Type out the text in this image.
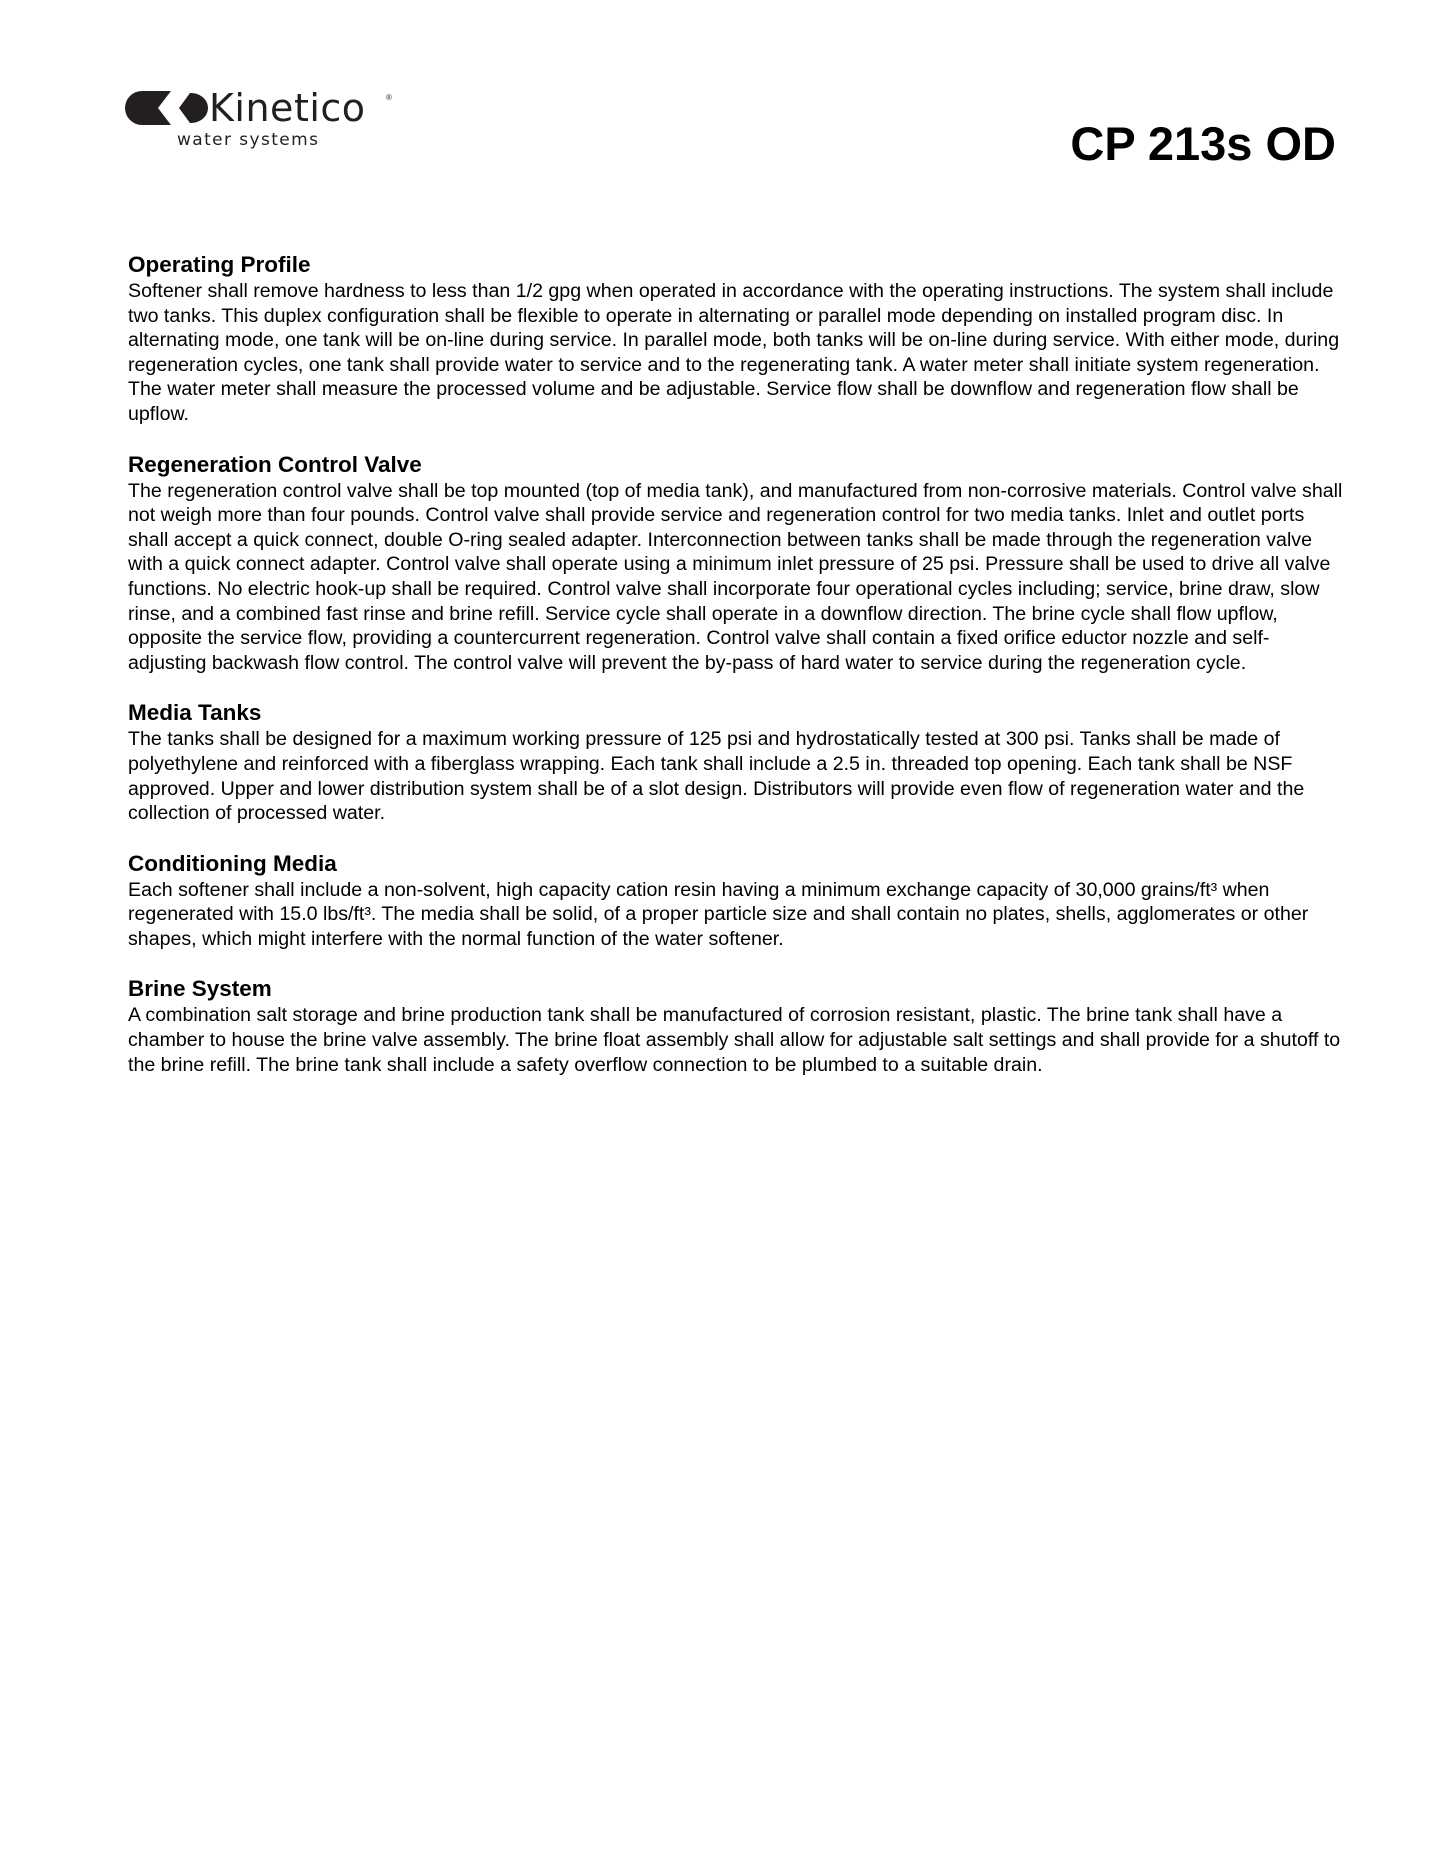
Kinetico	®
water systems	CP 213s OD
Operating Profile

Softener shall remove hardness to less than 1/2 gpg when operated in accordance with the operating instructions. The system shall include two tanks. This duplex configuration shall be flexible to operate in alternating or parallel mode depending on installed program disc. In alternating mode, one tank will be on-line during service. In parallel mode, both tanks will be on-line during service. With either mode, during regeneration cycles, one tank shall provide water to service and to the regenerating tank. A water meter shall initiate system regeneration. The water meter shall measure the processed volume and be adjustable. Service flow shall be downflow and regeneration flow shall be upflow.

Regeneration Control Valve

The regeneration control valve shall be top mounted (top of media tank), and manufactured from non-corrosive materials. Control valve shall not weigh more than four pounds. Control valve shall provide service and regeneration control for two media tanks. Inlet and outlet ports shall accept a quick connect, double O-ring sealed adapter. Interconnection between tanks shall be made through the regeneration valve with a quick connect adapter. Control valve shall operate using a minimum inlet pressure of 25 psi. Pressure shall be used to drive all valve functions. No electric hook-up shall be required. Control valve shall incorporate four operational cycles including; service, brine draw, slow rinse, and a combined fast rinse and brine refill. Service cycle shall operate in a downflow direction. The brine cycle shall flow upflow, opposite the service flow, providing a countercurrent regeneration. Control valve shall contain a fixed orifice eductor nozzle and self-adjusting backwash flow control. The control valve will prevent the by-pass of hard water to service during the regeneration cycle.

Media Tanks

The tanks shall be designed for a maximum working pressure of 125 psi and hydrostatically tested at 300 psi. Tanks shall be made of polyethylene and reinforced with a fiberglass wrapping. Each tank shall include a 2.5 in. threaded top opening. Each tank shall be NSF approved. Upper and lower distribution system shall be of a slot design. Distributors will provide even flow of regeneration water and the collection of processed water.

Conditioning Media

Each softener shall include a non-solvent, high capacity cation resin having a minimum exchange capacity of 30,000 grains/ft³ when regenerated with 15.0 lbs/ft³. The media shall be solid, of a proper particle size and shall contain no plates, shells, agglomerates or other shapes, which might interfere with the normal function of the water softener.

Brine System

A combination salt storage and brine production tank shall be manufactured of corrosion resistant, plastic. The brine tank shall have a chamber to house the brine valve assembly. The brine float assembly shall allow for adjustable salt settings and shall provide for a shutoff to the brine refill. The brine tank shall include a safety overflow connection to be plumbed to a suitable drain.
